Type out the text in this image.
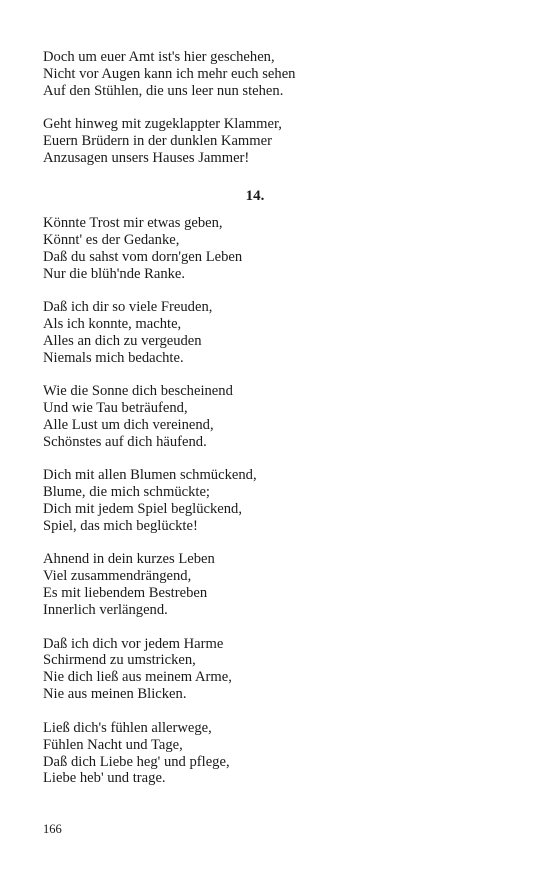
Doch um euer Amt ist's hier geschehen,
Nicht vor Augen kann ich mehr euch sehen
Auf den Stühlen, die uns leer nun stehen.
Geht hinweg mit zugeklappter Klammer,
Euern Brüdern in der dunklen Kammer
Anzusagen unsers Hauses Jammer!
14.
Könnte Trost mir etwas geben,
Könnt' es der Gedanke,
Daß du sahst vom dorn'gen Leben
Nur die blüh'nde Ranke.
Daß ich dir so viele Freuden,
Als ich konnte, machte,
Alles an dich zu vergeuden
Niemals mich bedachte.
Wie die Sonne dich bescheinend
Und wie Tau beträufend,
Alle Lust um dich vereinend,
Schönstes auf dich häufend.
Dich mit allen Blumen schmückend,
Blume, die mich schmückte;
Dich mit jedem Spiel beglückend,
Spiel, das mich beglückte!
Ahnend in dein kurzes Leben
Viel zusammendrängend,
Es mit liebendem Bestreben
Innerlich verlängend.
Daß ich dich vor jedem Harme
Schirmend zu umstricken,
Nie dich ließ aus meinem Arme,
Nie aus meinen Blicken.
Ließ dich's fühlen allerwege,
Fühlen Nacht und Tage,
Daß dich Liebe heg' und pflege,
Liebe heb' und trage.
166
